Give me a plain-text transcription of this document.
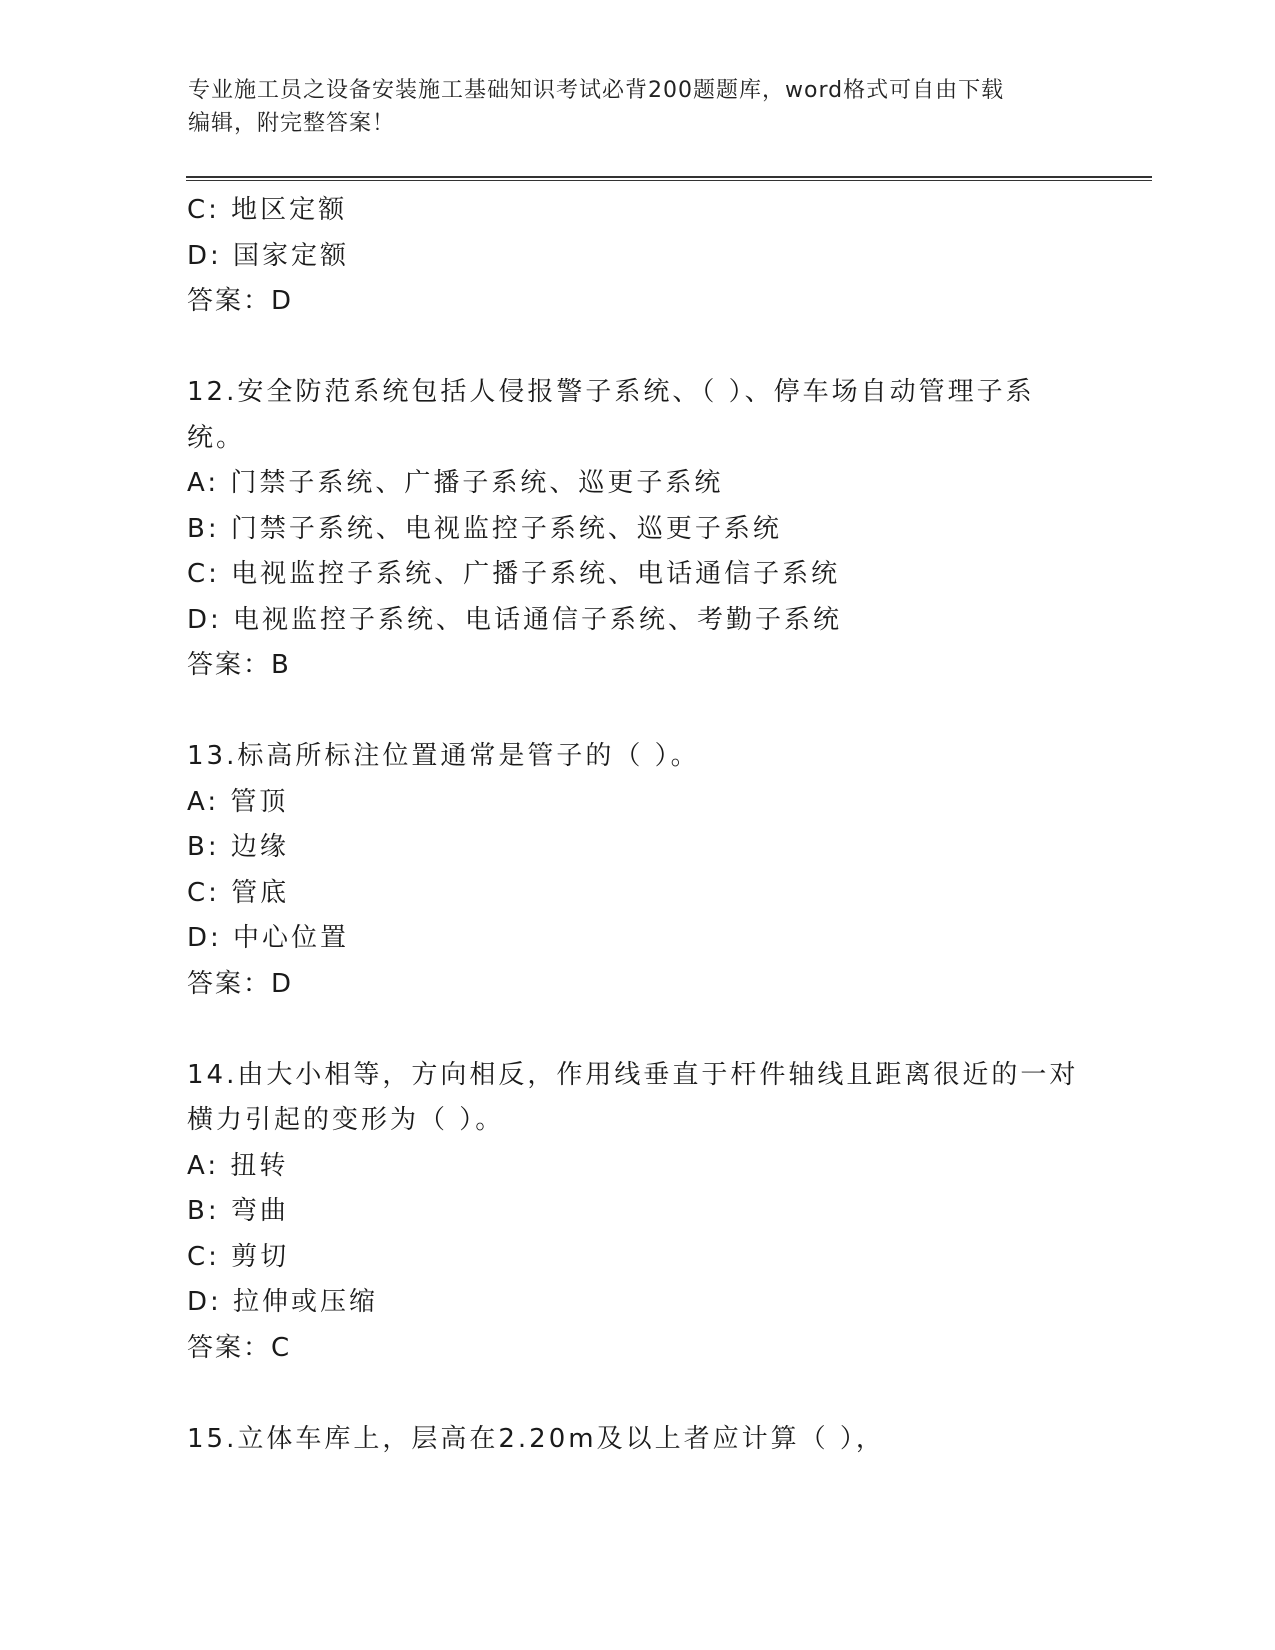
专业施工员之设备安装施工基础知识考试必背200题题库，word格式可自由下载
编辑，附完整答案！
C: 地区定额
D: 国家定额
答案：D
12.安全防范系统包括人侵报警子系统、（ ）、停车场自动管理子系
统。
A: 门禁子系统、广播子系统、巡更子系统
B: 门禁子系统、电视监控子系统、巡更子系统
C: 电视监控子系统、广播子系统、电话通信子系统
D: 电视监控子系统、电话通信子系统、考勤子系统
答案：B
13.标高所标注位置通常是管子的（ ）。
A: 管顶
B: 边缘
C: 管底
D: 中心位置
答案：D
14.由大小相等，方向相反，作用线垂直于杆件轴线且距离很近的一对
横力引起的变形为（ ）。
A: 扭转
B: 弯曲
C: 剪切
D: 拉伸或压缩
答案：C
15.立体车库上，层高在2.20m及以上者应计算（ ），
